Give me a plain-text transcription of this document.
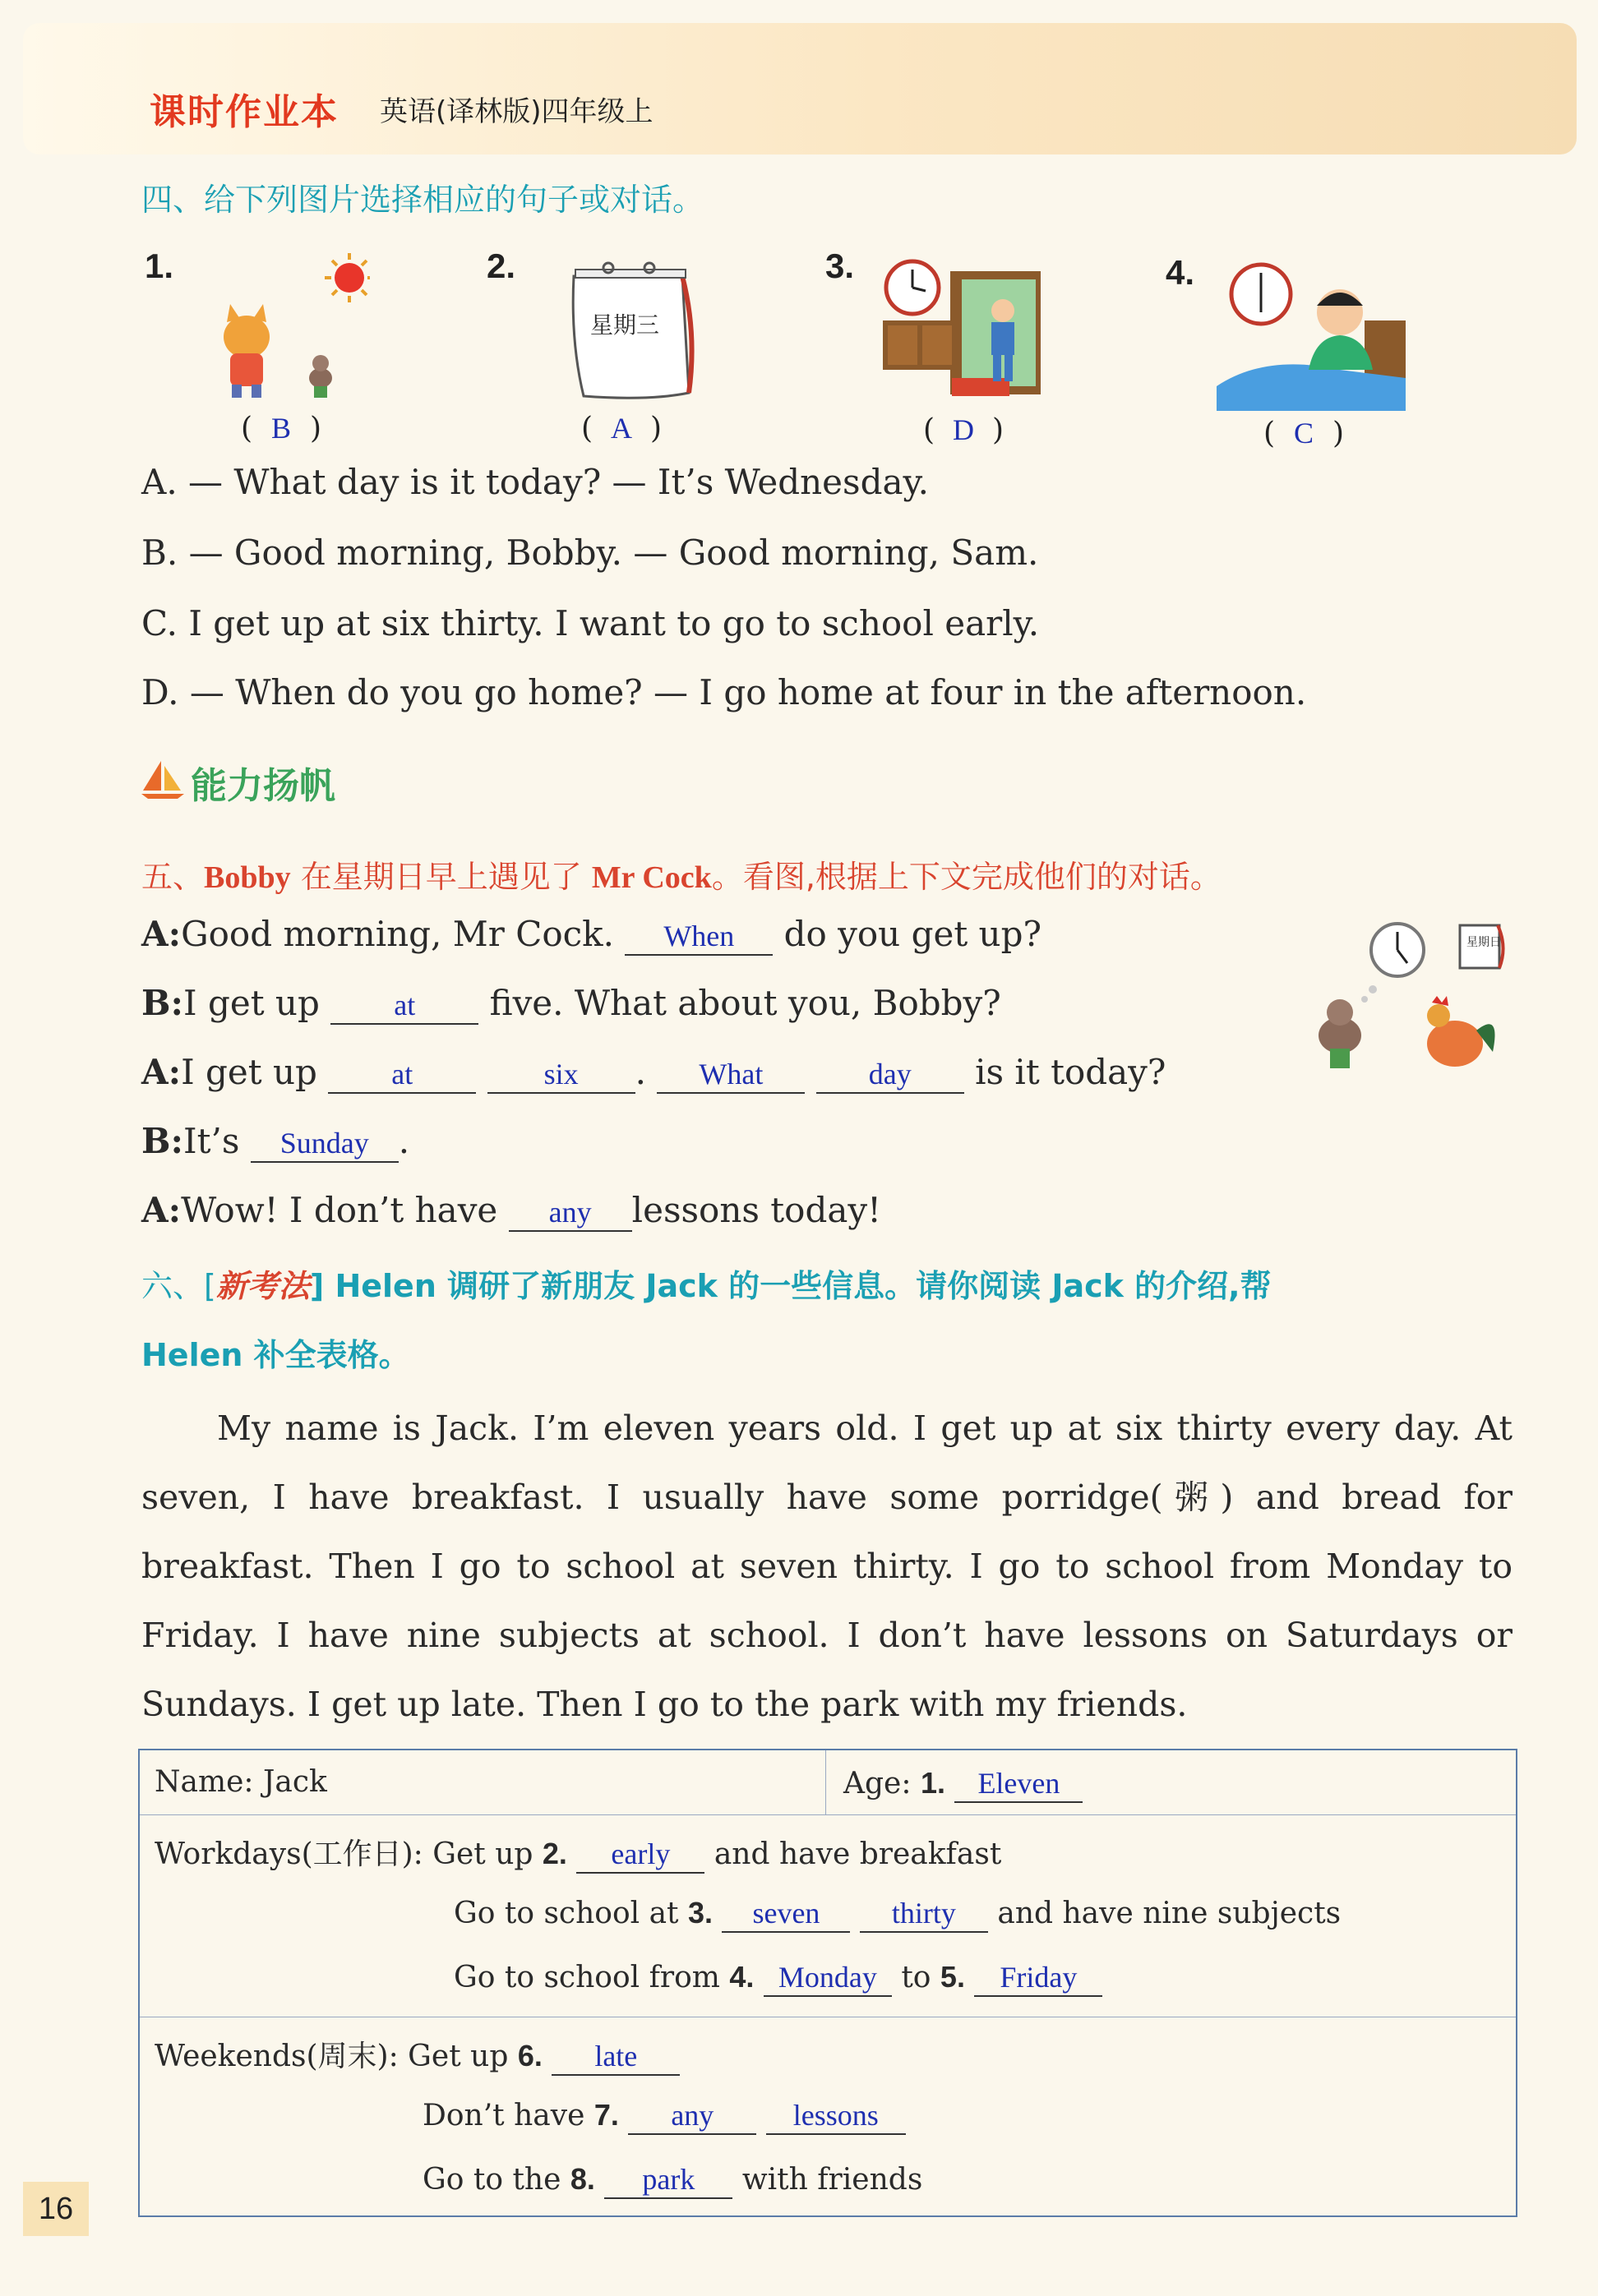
课时作业本 英语(译林版)四年级上
四、给下列图片选择相应的句子或对话。
1.	2.	3.	4.
星期三
( B )	( A )	( D )	( C )
A. — What day is it today? — It’s Wednesday.
B. — Good morning, Bobby. — Good morning, Sam.
C. I get up at six thirty. I want to go to school early.
D. — When do you go home? — I go home at four in the afternoon.
能力扬帆
五、Bobby 在星期日早上遇见了 Mr Cock。看图,根据上下文完成他们的对话。
A:Good morning, Mr Cock. When do you get up?
B:I get up at five. What about you, Bobby?
A:I get up at	six . What	day is it today?
B:It’s Sunday .
A:Wow! I don’t have any lessons today!
星期日
六、[新考法] Helen 调研了新朋友 Jack 的一些信息。请你阅读 Jack 的介绍,帮
Helen 补全表格。

My name is Jack. I’m eleven years old. I get up at six thirty every day. At seven, I have breakfast. I usually have some porridge(粥) and bread for breakfast. Then I go to school at seven thirty. I go to school from Monday to Friday. I have nine subjects at school. I don’t have lessons on Saturdays or Sundays. I get up late. Then I go to the park with my friends.

Name: Jack	Age: 1. Eleven
Workdays(工作日): Get up 2. early and have breakfast
Go to school at 3. seven thirty and have nine subjects
Go to school from 4. Monday to 5. Friday
Weekends(周末): Get up 6. late
Don’t have 7. any	lessons
Go to the 8. park with friends
16
